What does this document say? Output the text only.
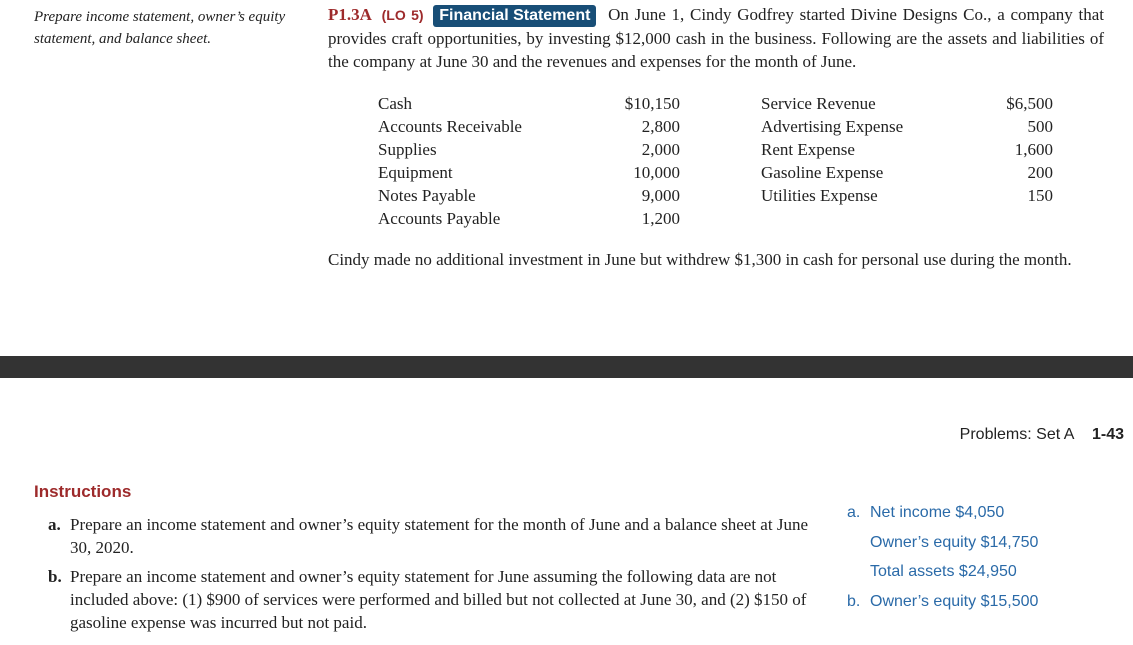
Prepare income statement, owner’s equity statement, and balance sheet.
P1.3A (LO 5) Financial Statement On June 1, Cindy Godfrey started Divine Designs Co., a company that provides craft opportunities, by investing $12,000 cash in the business. Following are the assets and liabilities of the company at June 30 and the revenues and expenses for the month of June.
Cash	$10,150
Accounts Receivable	2,800
Supplies	2,000
Equipment	10,000
Notes Payable	9,000
Accounts Payable	1,200
Service Revenue	$6,500
Advertising Expense	500
Rent Expense	1,600
Gasoline Expense	200
Utilities Expense	150
Cindy made no additional investment in June but withdrew $1,300 in cash for personal use during the month.
Problems: Set A 1-43
Instructions
a. Prepare an income statement and owner’s equity statement for the month of June and a balance sheet at June 30, 2020.
b. Prepare an income statement and owner’s equity statement for June assuming the following data are not included above: (1) $900 of services were performed and billed but not collected at June 30, and (2) $150 of gasoline expense was incurred but not paid.
a. Net income $4,050
Owner’s equity $14,750
Total assets $24,950
b. Owner’s equity $15,500
